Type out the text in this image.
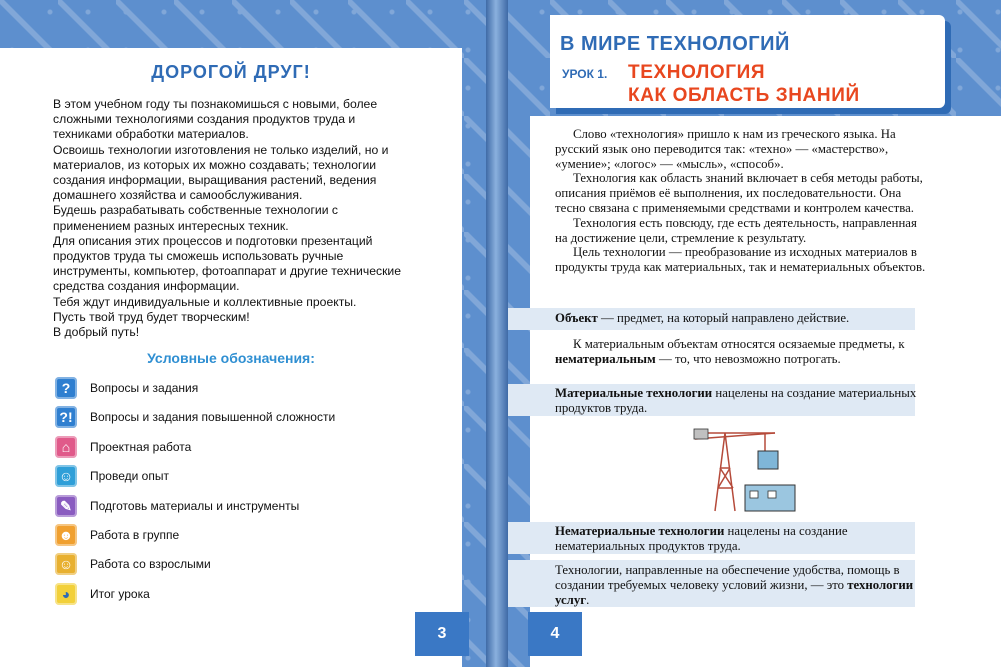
ДОРОГОЙ ДРУГ!

В этом учебном году ты познакомишься с новыми, более сложными технологиями создания продуктов труда и техниками обработки материалов.

Освоишь технологии изготовления не только изделий, но и материалов, из которых их можно создавать; технологии создания информации, выращивания растений, ведения домашнего хозяйства и самообслуживания.

Будешь разрабатывать собственные технологии с применением разных интересных техник.

Для описания этих процессов и подготовки презентаций продуктов труда ты сможешь использовать ручные инструменты, компьютер, фотоаппарат и другие технические средства создания информации.

Тебя ждут индивидуальные и коллективные проекты.

Пусть твой труд будет творческим!

В добрый путь!

Условные обозначения:
?	Вопросы и задания
?!	Вопросы и задания повышенной сложности
⌂	Проектная работа
☺	Проведи опыт
✎	Подготовь материалы и инструменты
☻	Работа в группе
☺	Работа со взрослыми
◕	Итог урока
3	4
В МИРЕ ТЕХНОЛОГИЙ
УРОК 1. ТЕХНОЛОГИЯ
КАК ОБЛАСТЬ ЗНАНИЙ

Слово «технология» пришло к нам из греческого языка. На русский язык оно переводится так: «техно» — «мастерство», «умение»; «логос» — «мысль», «способ».

Технология как область знаний включает в себя методы работы, описания приёмов её выполнения, их последовательности. Она тесно связана с применяемыми средствами и контролем качества.

Технология есть повсюду, где есть деятельность, направленная на достижение цели, стремление к результату.

Цель технологии — преобразование из исходных материалов в продукты труда как материальных, так и нематериальных объектов.

Объект — предмет, на который направлено действие.
К материальным объектам относятся осязаемые предметы, к нематериальным — то, что невозможно потрогать.
Материальные технологии нацелены на создание материальных продуктов труда.
Нематериальные технологии нацелены на создание нематериальных продуктов труда.
Технологии, направленные на обеспечение удобства, помощь в создании требуемых человеку условий жизни, — это технологии услуг.
